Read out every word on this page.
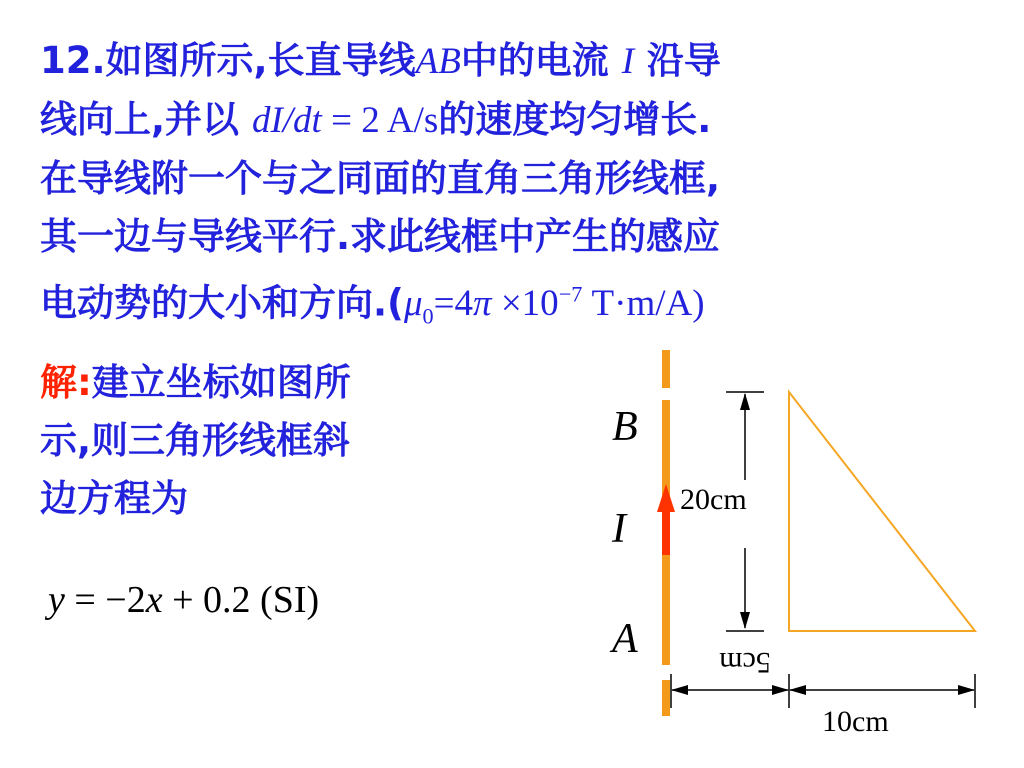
12.如图所示,长直导线AB中的电流 I 沿导
线向上,并以 dI/dt = 2 A/s的速度均匀增长.
在导线附一个与之同面的直角三角形线框,
其一边与导线平行.求此线框中产生的感应
电动势的大小和方向$.(\mu_0=4\pi \times 10^{-7}$ T·m/A)
解:建立坐标如图所
示,则三角形线框斜
边方程为
y = −2x + 0.2 (SI)
B
I
A
20cm
5cm
10cm
